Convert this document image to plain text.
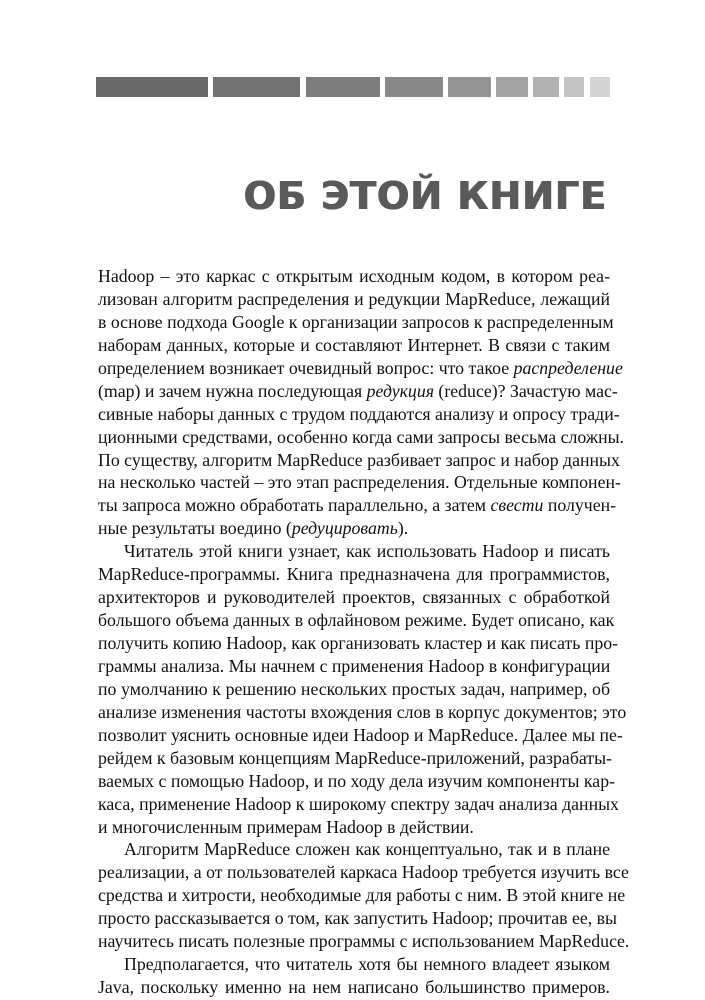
ОБ ЭТОЙ КНИГЕ
Hadoop – это каркас с открытым исходным кодом, в котором реа-
лизован алгоритм распределения и редукции MapReduce, лежащий
в основе подхода Google к организации запросов к распределенным
наборам данных, которые и составляют Интернет. В связи с таким
определением возникает очевидный вопрос: что такое распределение
(map) и зачем нужна последующая редукция (reduce)? Зачастую мас-
сивные наборы данных с трудом поддаются анализу и опросу тради-
ционными средствами, особенно когда сами запросы весьма сложны.
По существу, алгоритм MapReduce разбивает запрос и набор данных
на несколько частей – это этап распределения. Отдельные компонен-
ты запроса можно обработать параллельно, а затем свести получен-
ные результаты воедино (редуцировать).
Читатель этой книги узнает, как использовать Hadoop и писать
MapReduce-программы. Книга предназначена для программистов,
архитекторов и руководителей проектов, связанных с обработкой
большого объема данных в офлайновом режиме. Будет описано, как
получить копию Hadoop, как организовать кластер и как писать про-
граммы анализа. Мы начнем с применения Hadoop в конфигурации
по умолчанию к решению нескольких простых задач, например, об
анализе изменения частоты вхождения слов в корпус документов; это
позволит уяснить основные идеи Hadoop и MapReduce. Далее мы пе-
рейдем к базовым концепциям MapReduce-приложений, разрабаты-
ваемых с помощью Hadoop, и по ходу дела изучим компоненты кар-
каса, применение Hadoop к широкому спектру задач анализа данных
и многочисленным примерам Hadoop в действии.
Алгоритм MapReduce сложен как концептуально, так и в плане
реализации, а от пользователей каркаса Hadoop требуется изучить все
средства и хитрости, необходимые для работы с ним. В этой книге не
просто рассказывается о том, как запустить Hadoop; прочитав ее, вы
научитесь писать полезные программы с использованием MapReduce.
Предполагается, что читатель хотя бы немного владеет языком
Java, поскольку именно на нем написано большинство примеров.
